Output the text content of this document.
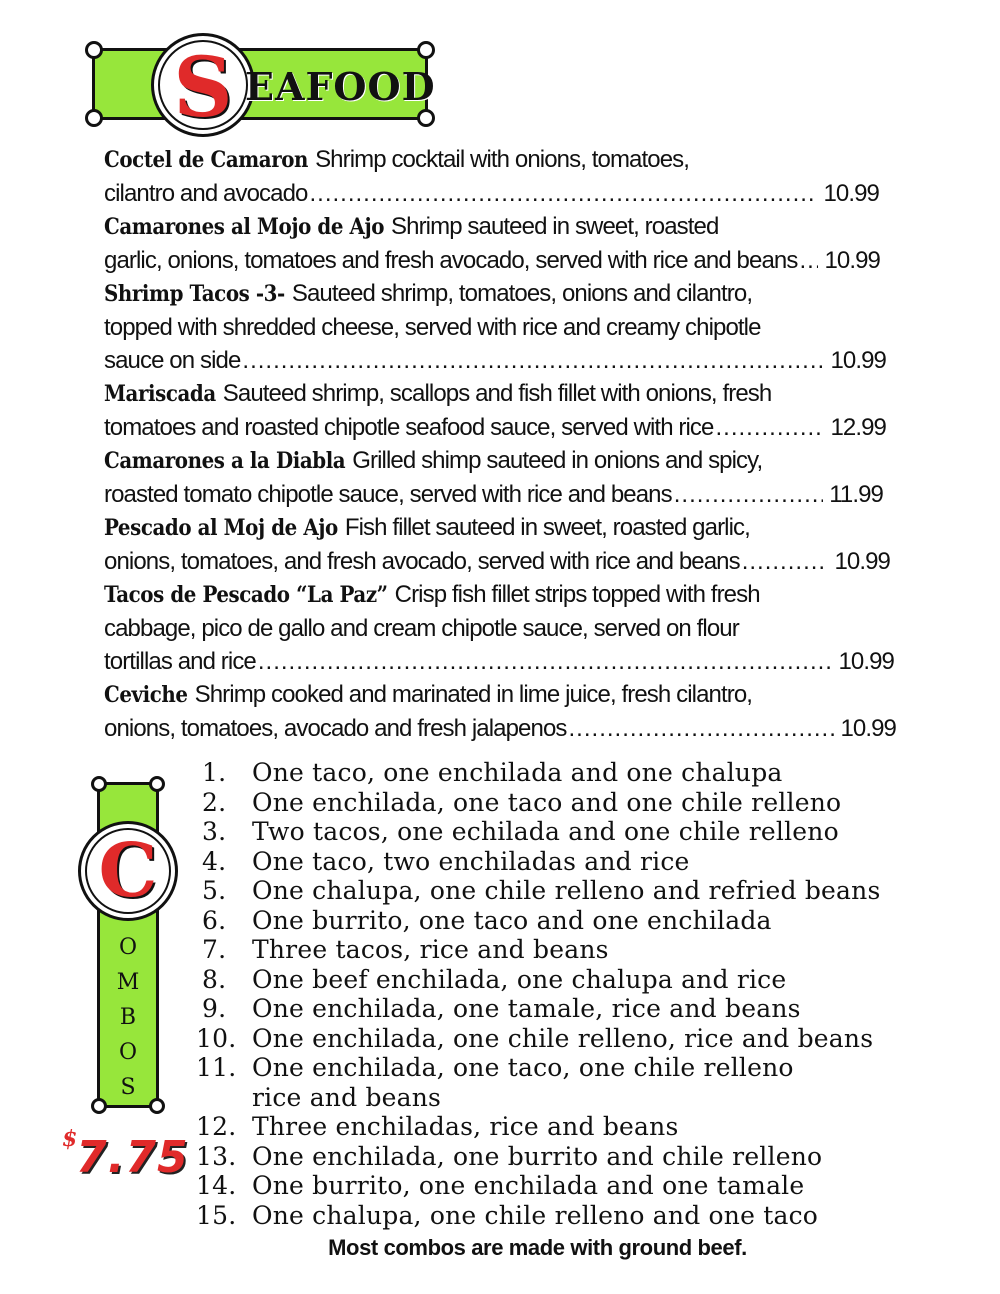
S EAFOOD
Coctel de Camaron Shrimp cocktail with onions, tomatoes,
cilantro and avocado .....	10.99
Camarones al Mojo de Ajo Shrimp sauteed in sweet, roasted
garlic, onions, tomatoes and fresh avocado, served with rice and beans ..... 10.99
Shrimp Tacos -3- Sauteed shrimp, tomatoes, onions and cilantro,
topped with shredded cheese, served with rice and creamy chipotle
sauce on side .....	10.99
Mariscada Sauteed shrimp, scallops and fish fillet with onions, fresh
tomatoes and roasted chipotle seafood sauce, served with rice .....	12.99
Camarones a la Diabla Grilled shimp sauteed in onions and spicy,
roasted tomato chipotle sauce, served with rice and beans .....	11.99
Pescado al Moj de Ajo Fish fillet sauteed in sweet, roasted garlic,
onions, tomatoes, and fresh avocado, served with rice and beans .....	10.99
Tacos de Pescado “La Paz” Crisp fish fillet strips topped with fresh
cabbage, pico de gallo and cream chipotle sauce, served on flour
tortillas and rice .....	10.99
Ceviche Shrimp cooked and marinated in lime juice, fresh cilantro,
onions, tomatoes, avocado and fresh jalapenos .....	10.99
C
O
M
B
O
S
$
7.75
1.	One taco, one enchilada and one chalupa
2.	One enchilada, one taco and one chile relleno
3.	Two tacos, one echilada and one chile relleno
4.	One taco, two enchiladas and rice
5.	One chalupa, one chile relleno and refried beans
6.	One burrito, one taco and one enchilada
7.	Three tacos, rice and beans
8.	One beef enchilada, one chalupa and rice
9.	One enchilada, one tamale, rice and beans
10. One enchilada, one chile relleno, rice and beans
11. One enchilada, one taco, one chile relleno
rice and beans
12. Three enchiladas, rice and beans
13. One enchilada, one burrito and chile relleno
14. One burrito, one enchilada and one tamale
15. One chalupa, one chile relleno and one taco
Most combos are made with ground beef.
